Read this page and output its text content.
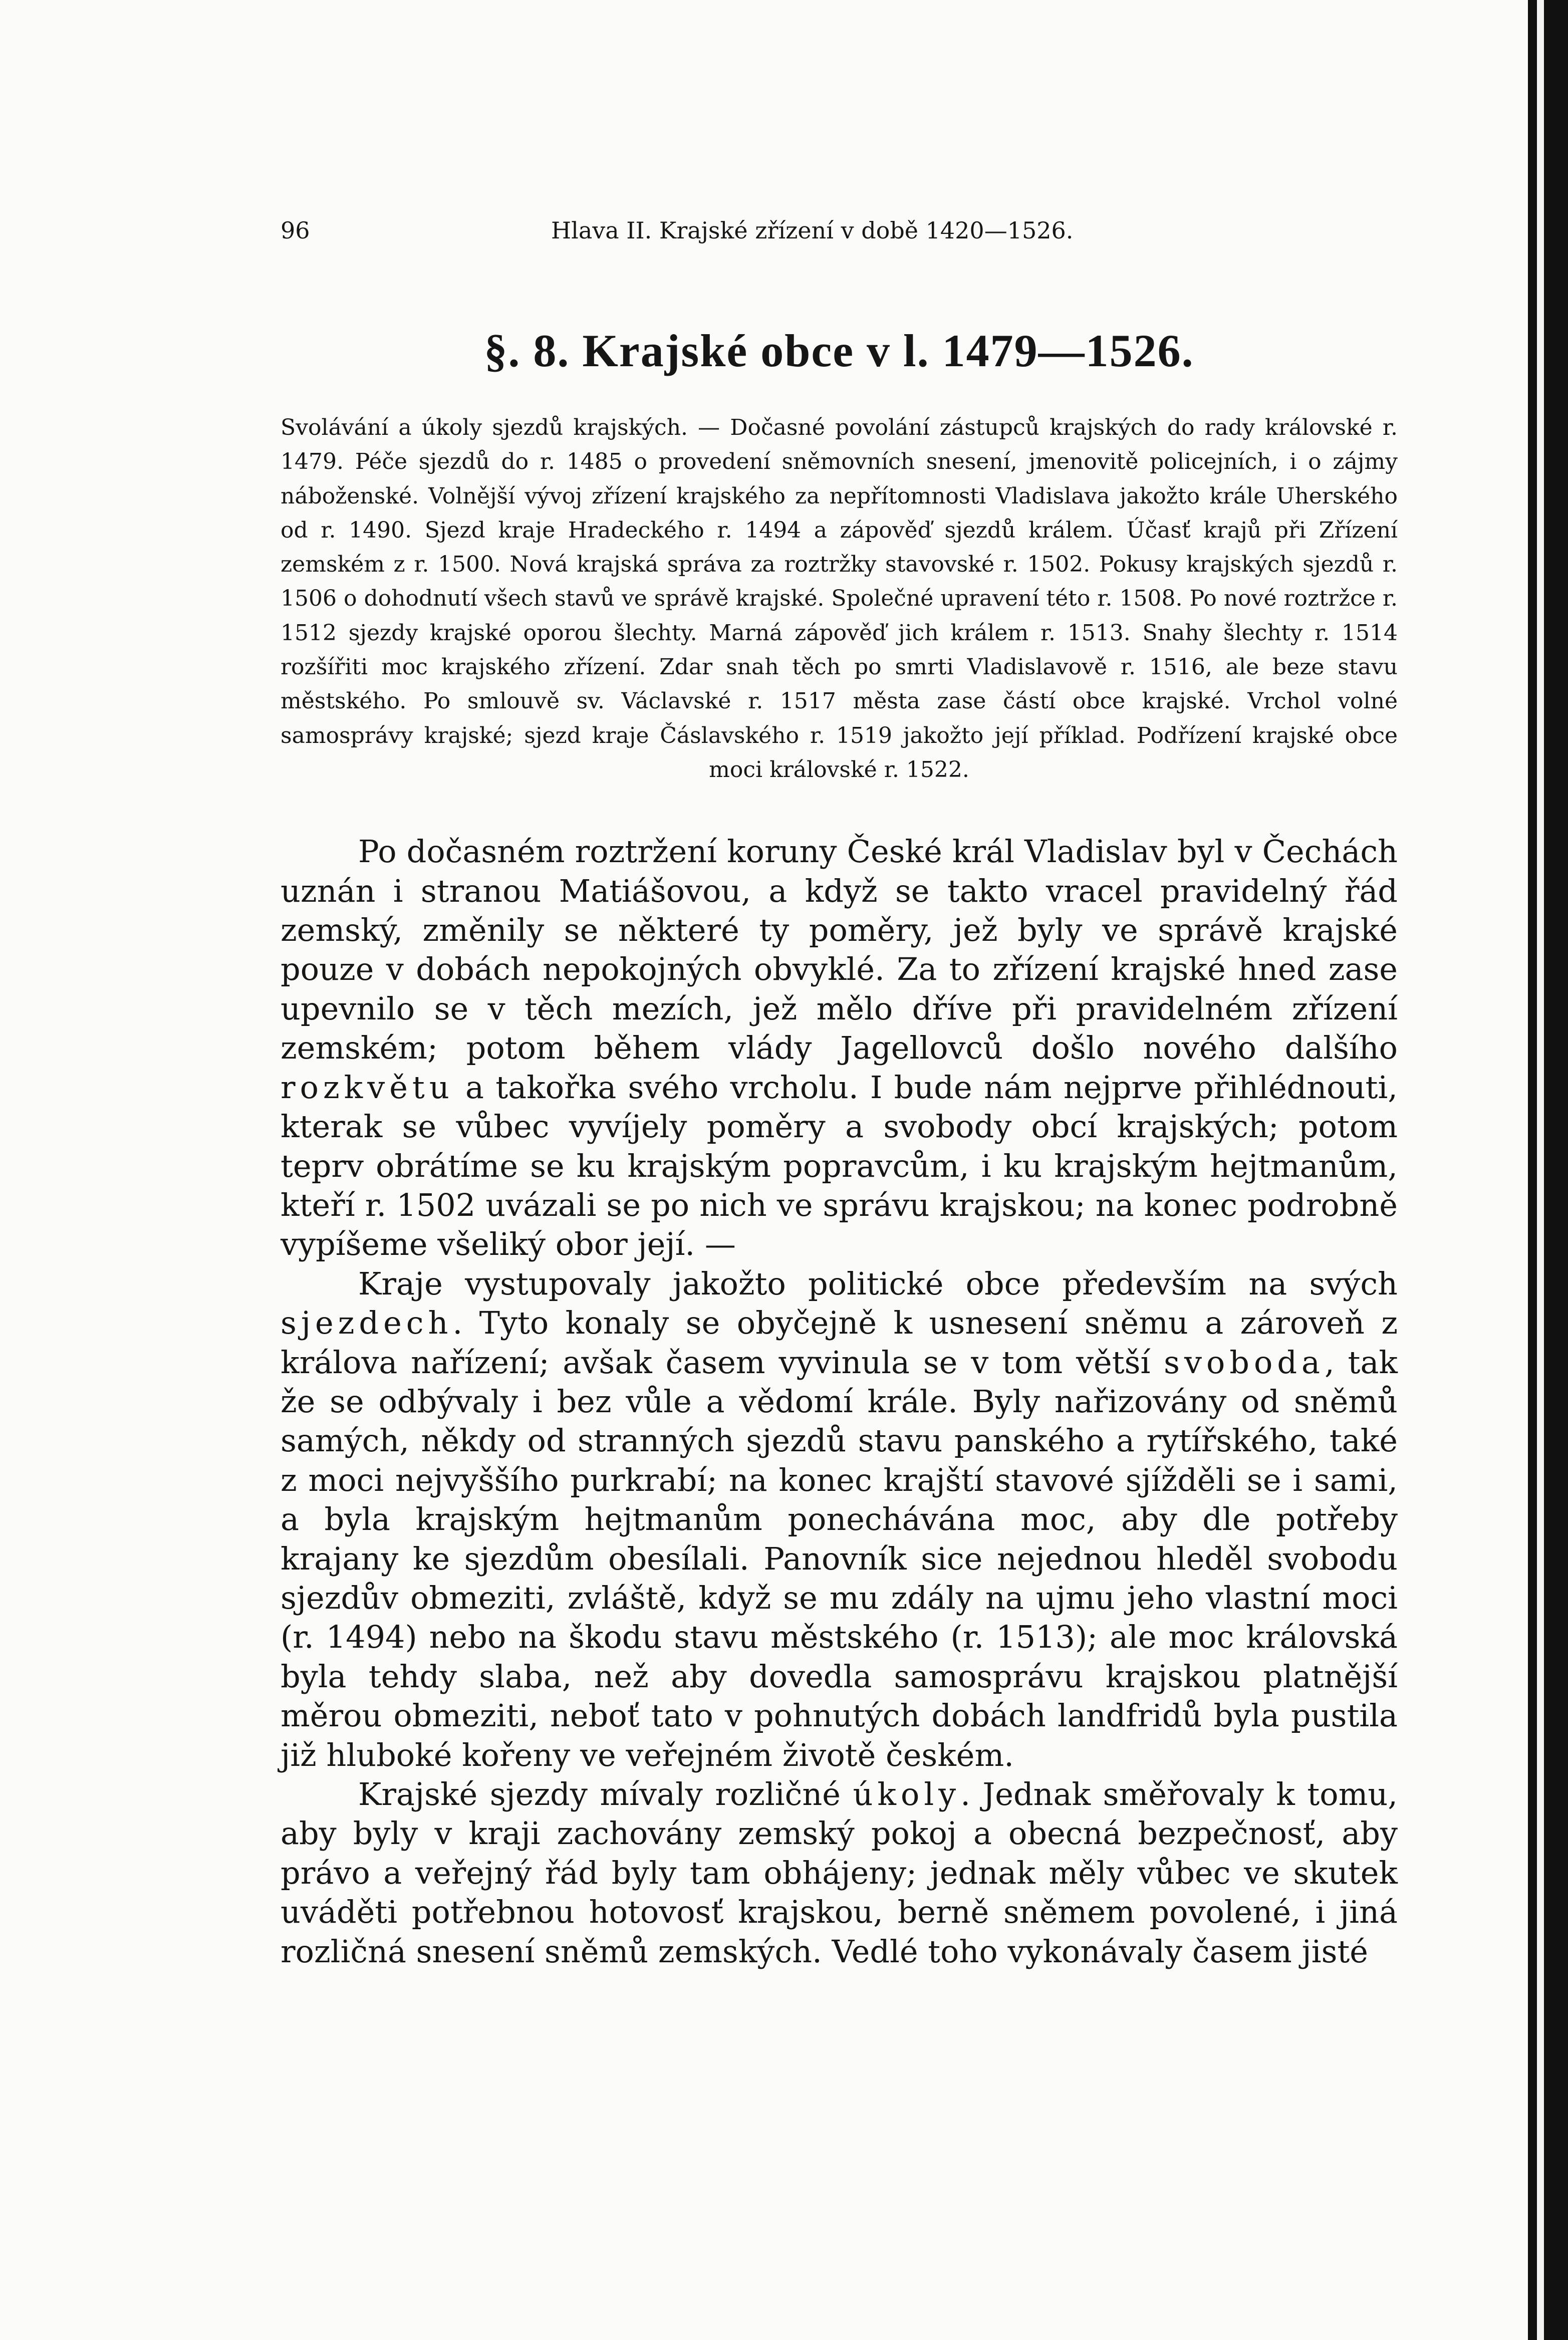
96	Hlava II. Krajské zřízení v době 1420—1526.
§. 8. Krajské obce v l. 1479—1526.
Svolávání a úkoly sjezdů krajských. — Dočasné povolání zástupců krajských do rady královské r. 1479. Péče sjezdů do r. 1485 o provedení sněmovních snesení, jmenovitě policejních, i o zájmy náboženské. Volnější vývoj zřízení krajského za nepřítomnosti Vladislava jakožto krále Uherského od r. 1490. Sjezd kraje Hradeckého r. 1494 a zápověď sjezdů králem. Účasť krajů při Zřízení zemském z r. 1500. Nová krajská správa za roztržky stavovské r. 1502. Pokusy krajských sjezdů r. 1506 o dohodnutí všech stavů ve správě krajské. Společné upravení této r. 1508. Po nové roztržce r. 1512 sjezdy krajské oporou šlechty. Marná zápověď jich králem r. 1513. Snahy šlechty r. 1514 rozšířiti moc krajského zřízení. Zdar snah těch po smrti Vladislavově r. 1516, ale beze stavu městského. Po smlouvě sv. Václavské r. 1517 města zase částí obce krajské. Vrchol volné samosprávy krajské; sjezd kraje Čáslavského r. 1519 jakožto její příklad. Podřízení krajské obce moci královské r. 1522.

Po dočasném roztržení koruny České král Vladislav byl v Čechách uznán i stranou Matiášovou, a když se takto vracel pravidelný řád zemský, změnily se některé ty poměry, jež byly ve správě krajské pouze v dobách nepokojných obvyklé. Za to zřízení krajské hned zase upevnilo se v těch mezích, jež mělo dříve při pravidelném zřízení zemském; potom během vlády Jagellovců došlo nového dalšího rozkvětu a takořka svého vrcholu. I bude nám nejprve přihlédnouti, kterak se vůbec vyvíjely poměry a svobody obcí krajských; potom teprv obrátíme se ku krajským popravcům, i ku krajským hejtmanům, kteří r. 1502 uvázali se po nich ve správu krajskou; na konec podrobně vypíšeme všeliký obor její. —

Kraje vystupovaly jakožto politické obce především na svých sjezdech. Tyto konaly se obyčejně k usnesení sněmu a zároveň z králova nařízení; avšak časem vyvinula se v tom větší svoboda, tak že se odbývaly i bez vůle a vědomí krále. Byly nařizovány od sněmů samých, někdy od stranných sjezdů stavu panského a rytířského, také z moci nejvyššího purkrabí; na konec krajští stavové sjížděli se i sami, a byla krajským hejtmanům ponechávána moc, aby dle potřeby krajany ke sjezdům obesílali. Panovník sice nejednou hleděl svobodu sjezdův obmeziti, zvláště, když se mu zdály na ujmu jeho vlastní moci (r. 1494) nebo na škodu stavu městského (r. 1513); ale moc královská byla tehdy slaba, než aby dovedla samosprávu krajskou platnější měrou obmeziti, neboť tato v pohnutých dobách landfridů byla pustila již hluboké kořeny ve veřejném životě českém.

Krajské sjezdy mívaly rozličné úkoly. Jednak směřovaly k tomu, aby byly v kraji zachovány zemský pokoj a obecná bezpečnosť, aby právo a veřejný řád byly tam obhájeny; jednak měly vůbec ve skutek uváděti potřebnou hotovosť krajskou, berně sněmem povolené, i jiná rozličná snesení sněmů zemských. Vedlé toho vykonávaly časem jisté
